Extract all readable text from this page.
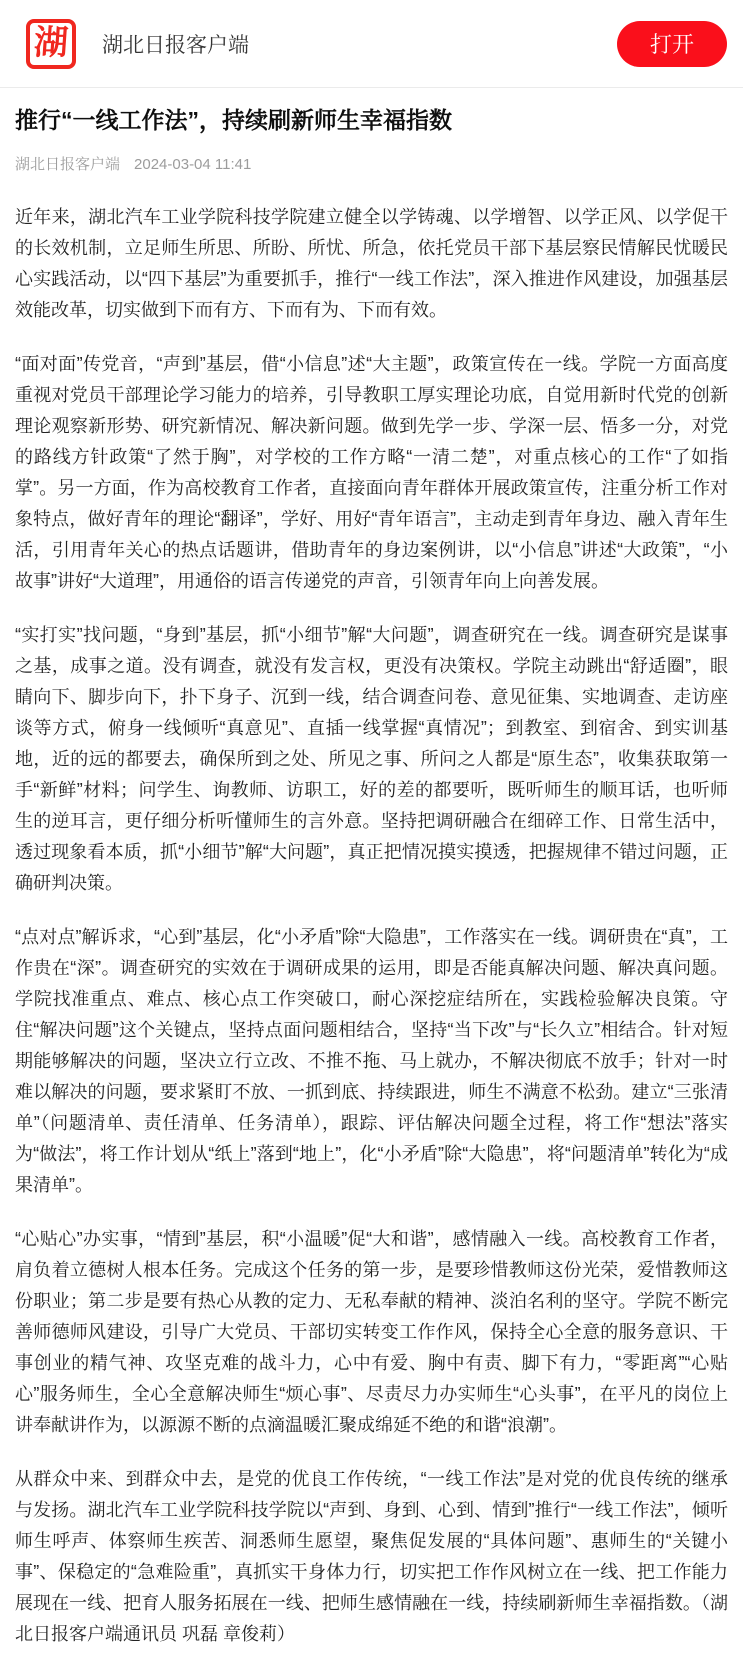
湖 湖北日报客户端	打开
推行“一线工作法”，持续刷新师生幸福指数
湖北日报客户端 2024-03-04 11:41

近年来，湖北汽车工业学院科技学院建立健全以学铸魂、以学增智、以学正风、以学促干的长效机制，立足师生所思、所盼、所忧、所急，依托党员干部下基层察民情解民忧暖民心实践活动，以“四下基层”为重要抓手，推行“一线工作法”，深入推进作风建设，加强基层效能改革，切实做到下而有方、下而有为、下而有效。

“面对面”传党音，“声到”基层，借“小信息”述“大主题”，政策宣传在一线。学院一方面高度重视对党员干部理论学习能力的培养，引导教职工厚实理论功底，自觉用新时代党的创新理论观察新形势、研究新情况、解决新问题。做到先学一步、学深一层、悟多一分，对党的路线方针政策“了然于胸”，对学校的工作方略“一清二楚”，对重点核心的工作“了如指掌”。另一方面，作为高校教育工作者，直接面向青年群体开展政策宣传，注重分析工作对象特点，做好青年的理论“翻译”，学好、用好“青年语言”，主动走到青年身边、融入青年生活，引用青年关心的热点话题讲，借助青年的身边案例讲，以“小信息”讲述“大政策”，“小故事”讲好“大道理”，用通俗的语言传递党的声音，引领青年向上向善发展。

“实打实”找问题，“身到”基层，抓“小细节”解“大问题”，调查研究在一线。调查研究是谋事之基，成事之道。没有调查，就没有发言权，更没有决策权。学院主动跳出“舒适圈”，眼睛向下、脚步向下，扑下身子、沉到一线，结合调查问卷、意见征集、实地调查、走访座谈等方式，俯身一线倾听“真意见”、直插一线掌握“真情况”；到教室、到宿舍、到实训基地，近的远的都要去，确保所到之处、所见之事、所问之人都是“原生态”，收集获取第一手“新鲜”材料；问学生、询教师、访职工，好的差的都要听，既听师生的顺耳话，也听师生的逆耳言，更仔细分析听懂师生的言外意。坚持把调研融合在细碎工作、日常生活中，透过现象看本质，抓“小细节”解“大问题”，真正把情况摸实摸透，把握规律不错过问题，正确研判决策。

“点对点”解诉求，“心到”基层，化“小矛盾”除“大隐患”，工作落实在一线。调研贵在“真”，工作贵在“深”。调查研究的实效在于调研成果的运用，即是否能真解决问题、解决真问题。学院找准重点、难点、核心点工作突破口，耐心深挖症结所在，实践检验解决良策。守住“解决问题”这个关键点，坚持点面问题相结合，坚持“当下改”与“长久立”相结合。针对短期能够解决的问题，坚决立行立改、不推不拖、马上就办，不解决彻底不放手；针对一时难以解决的问题，要求紧盯不放、一抓到底、持续跟进，师生不满意不松劲。建立“三张清单”（问题清单、责任清单、任务清单），跟踪、评估解决问题全过程，将工作“想法”落实为“做法”，将工作计划从“纸上”落到“地上”，化“小矛盾”除“大隐患”，将“问题清单”转化为“成果清单”。

“心贴心”办实事，“情到”基层，积“小温暖”促“大和谐”，感情融入一线。高校教育工作者，肩负着立德树人根本任务。完成这个任务的第一步，是要珍惜教师这份光荣，爱惜教师这份职业；第二步是要有热心从教的定力、无私奉献的精神、淡泊名利的坚守。学院不断完善师德师风建设，引导广大党员、干部切实转变工作作风，保持全心全意的服务意识、干事创业的精气神、攻坚克难的战斗力，心中有爱、胸中有责、脚下有力，“零距离”“心贴心”服务师生，全心全意解决师生“烦心事”、尽责尽力办实师生“心头事”，在平凡的岗位上讲奉献讲作为，以源源不断的点滴温暖汇聚成绵延不绝的和谐“浪潮”。

从群众中来、到群众中去，是党的优良工作传统，“一线工作法”是对党的优良传统的继承与发扬。湖北汽车工业学院科技学院以“声到、身到、心到、情到”推行“一线工作法”，倾听师生呼声、体察师生疾苦、洞悉师生愿望，聚焦促发展的“具体问题”、惠师生的“关键小事”、保稳定的“急难险重”，真抓实干身体力行，切实把工作作风树立在一线、把工作能力展现在一线、把育人服务拓展在一线、把师生感情融在一线，持续刷新师生幸福指数。（湖北日报客户端通讯员 巩磊 章俊莉）
